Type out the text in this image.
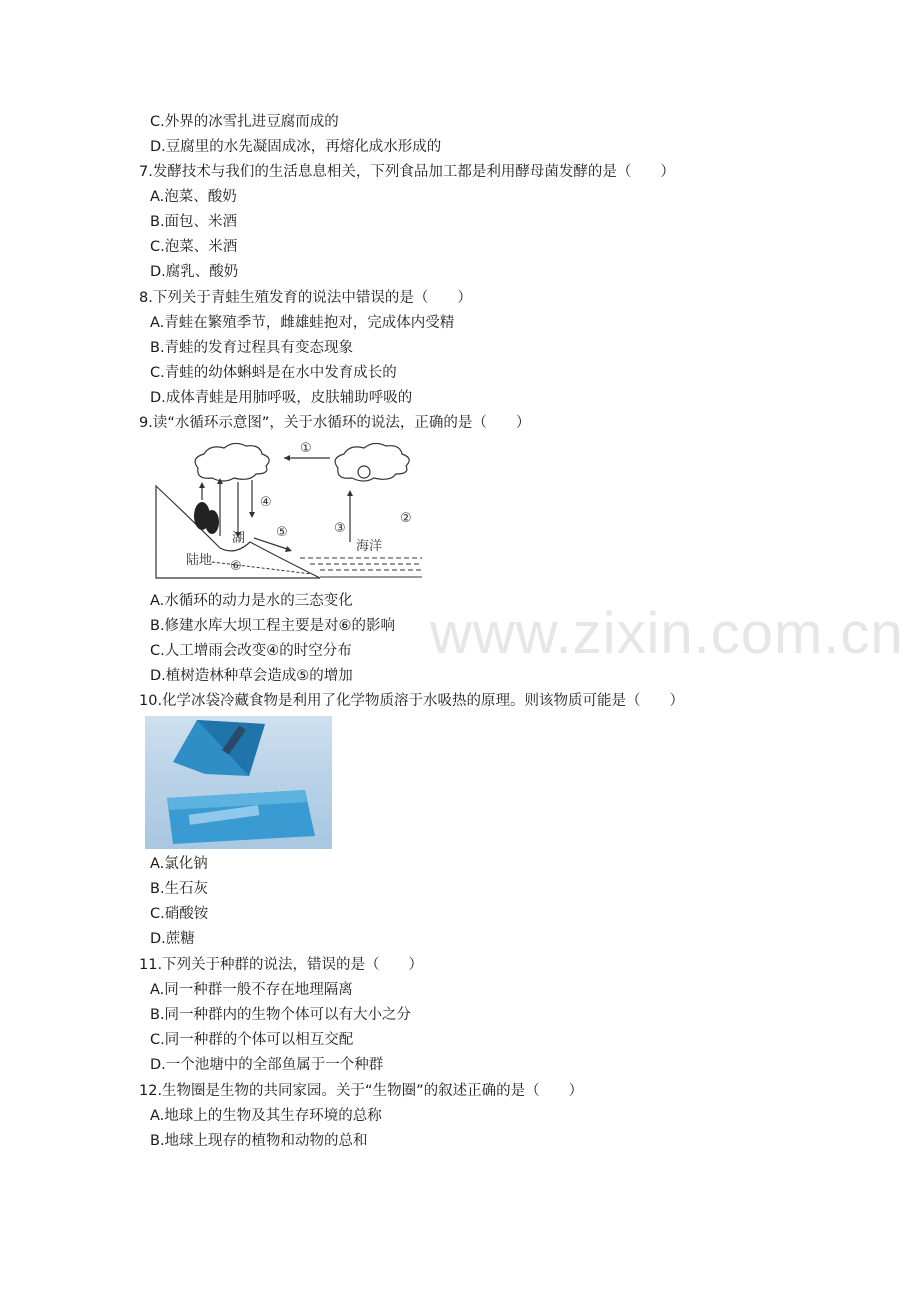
www.zixin.com.cn
C.外界的冰雪扎进豆腐而成的
D.豆腐里的水先凝固成冰，再熔化成水形成的
7.发酵技术与我们的生活息息相关，下列食品加工都是利用酵母菌发酵的是（　　）
A.泡菜、酸奶
B.面包、米酒
C.泡菜、米酒
D.腐乳、酸奶
8.下列关于青蛙生殖发育的说法中错误的是（　　）
A.青蛙在繁殖季节，雌雄蛙抱对，完成体内受精
B.青蛙的发育过程具有变态现象
C.青蛙的幼体蝌蚪是在水中发育成长的
D.成体青蛙是用肺呼吸，皮肤辅助呼吸的
9.读“水循环示意图”，关于水循环的说法，正确的是（　　）
①
④
湖 ⑤
⑥
陆地
③
②
海洋
A.水循环的动力是水的三态变化
B.修建水库大坝工程主要是对⑥的影响
C.人工增雨会改变④的时空分布
D.植树造林种草会造成⑤的增加
10.化学冰袋冷藏食物是利用了化学物质溶于水吸热的原理。则该物质可能是（　　）
A.氯化钠
B.生石灰
C.硝酸铵
D.蔗糖
11.下列关于种群的说法，错误的是（　　）
A.同一种群一般不存在地理隔离
B.同一种群内的生物个体可以有大小之分
C.同一种群的个体可以相互交配
D.一个池塘中的全部鱼属于一个种群
12.生物圈是生物的共同家园。关于“生物圈”的叙述正确的是（　　）
A.地球上的生物及其生存环境的总称
B.地球上现存的植物和动物的总和
